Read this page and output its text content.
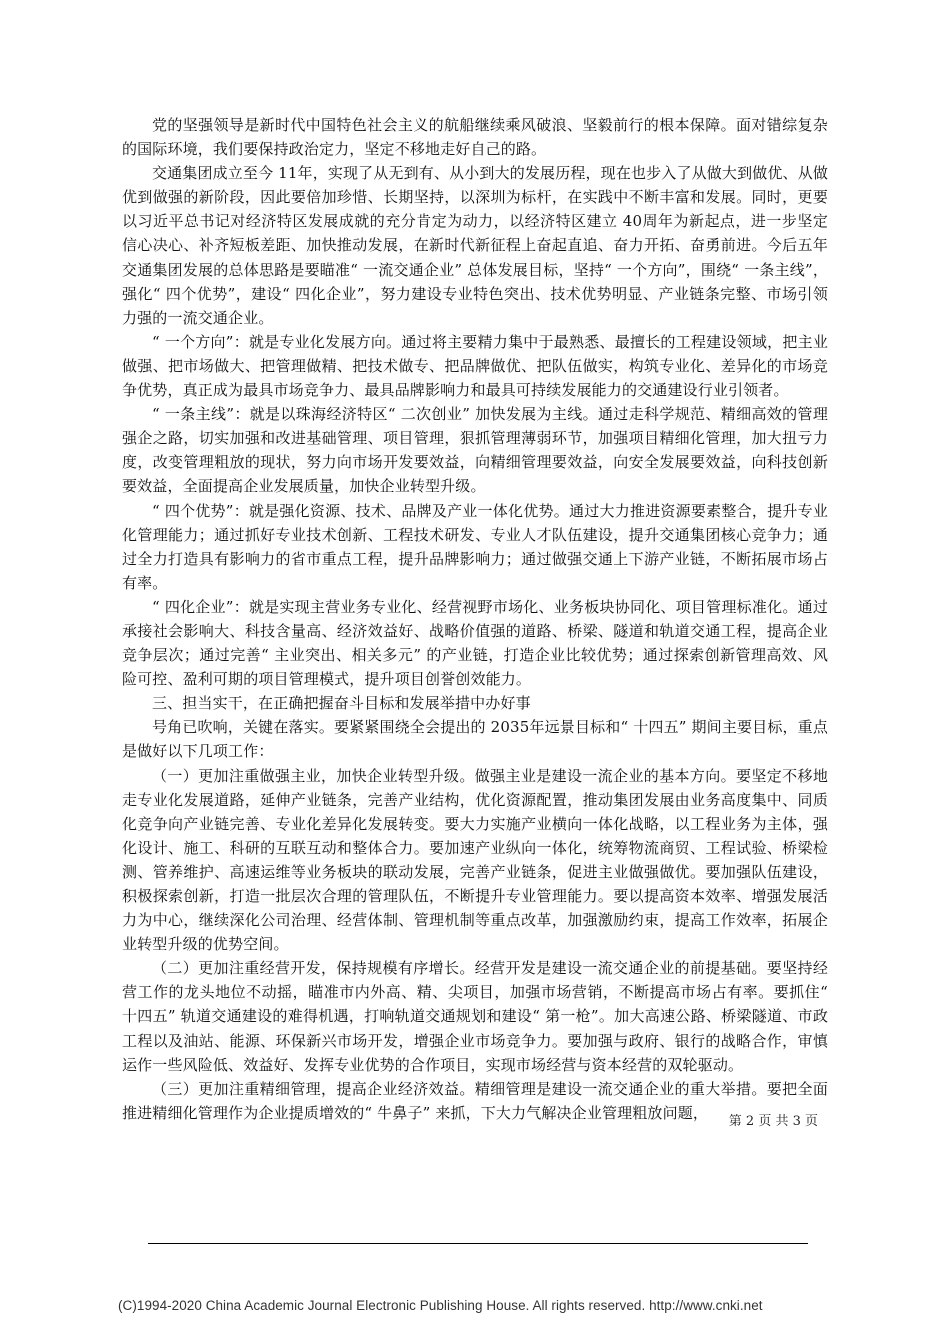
党的坚强领导是新时代中国特色社会主义的航船继续乘风破浪、坚毅前行的根本保障。面对错综复杂的国际环境，我们要保持政治定力，坚定不移地走好自己的路。

交通集团成立至今 11年，实现了从无到有、从小到大的发展历程，现在也步入了从做大到做优、从做优到做强的新阶段，因此要倍加珍惜、长期坚持，以深圳为标杆，在实践中不断丰富和发展。同时，更要以习近平总书记对经济特区发展成就的充分肯定为动力，以经济特区建立 40周年为新起点，进一步坚定信心决心、补齐短板差距、加快推动发展，在新时代新征程上奋起直追、奋力开拓、奋勇前进。今后五年交通集团发展的总体思路是要瞄准“ 一流交通企业” 总体发展目标，坚持“ 一个方向”，围绕“ 一条主线”，强化“ 四个优势”，建设“ 四化企业”，努力建设专业特色突出、技术优势明显、产业链条完整、市场引领力强的一流交通企业。

“ 一个方向”：就是专业化发展方向。通过将主要精力集中于最熟悉、最擅长的工程建设领域，把主业做强、把市场做大、把管理做精、把技术做专、把品牌做优、把队伍做实，构筑专业化、差异化的市场竞争优势，真正成为最具市场竞争力、最具品牌影响力和最具可持续发展能力的交通建设行业引领者。

“ 一条主线”：就是以珠海经济特区“ 二次创业” 加快发展为主线。通过走科学规范、精细高效的管理强企之路，切实加强和改进基础管理、项目管理，狠抓管理薄弱环节，加强项目精细化管理，加大扭亏力度，改变管理粗放的现状，努力向市场开发要效益，向精细管理要效益，向安全发展要效益，向科技创新要效益，全面提高企业发展质量，加快企业转型升级。

“ 四个优势”：就是强化资源、技术、品牌及产业一体化优势。通过大力推进资源要素整合，提升专业化管理能力；通过抓好专业技术创新、工程技术研发、专业人才队伍建设，提升交通集团核心竞争力；通过全力打造具有影响力的省市重点工程，提升品牌影响力；通过做强交通上下游产业链，不断拓展市场占有率。

“ 四化企业”：就是实现主营业务专业化、经营视野市场化、业务板块协同化、项目管理标准化。通过承接社会影响大、科技含量高、经济效益好、战略价值强的道路、桥梁、隧道和轨道交通工程，提高企业竞争层次；通过完善“ 主业突出、相关多元” 的产业链，打造企业比较优势；通过探索创新管理高效、风险可控、盈利可期的项目管理模式，提升项目创誉创效能力。

三、担当实干，在正确把握奋斗目标和发展举措中办好事

号角已吹响，关键在落实。要紧紧围绕全会提出的 2035年远景目标和“ 十四五” 期间主要目标，重点是做好以下几项工作：

（一）更加注重做强主业，加快企业转型升级。做强主业是建设一流企业的基本方向。要坚定不移地走专业化发展道路，延伸产业链条，完善产业结构，优化资源配置，推动集团发展由业务高度集中、同质化竞争向产业链完善、专业化差异化发展转变。要大力实施产业横向一体化战略，以工程业务为主体，强化设计、施工、科研的互联互动和整体合力。要加速产业纵向一体化，统筹物流商贸、工程试验、桥梁检测、管养维护、高速运维等业务板块的联动发展，完善产业链条，促进主业做强做优。要加强队伍建设，积极探索创新，打造一批层次合理的管理队伍，不断提升专业管理能力。要以提高资本效率、增强发展活力为中心，继续深化公司治理、经营体制、管理机制等重点改革，加强激励约束，提高工作效率，拓展企业转型升级的优势空间。

（二）更加注重经营开发，保持规模有序增长。经营开发是建设一流交通企业的前提基础。要坚持经营工作的龙头地位不动摇，瞄准市内外高、精、尖项目，加强市场营销，不断提高市场占有率。要抓住“ 十四五” 轨道交通建设的难得机遇，打响轨道交通规划和建设“ 第一枪”。加大高速公路、桥梁隧道、市政工程以及油站、能源、环保新兴市场开发，增强企业市场竞争力。要加强与政府、银行的战略合作，审慎运作一些风险低、效益好、发挥专业优势的合作项目，实现市场经营与资本经营的双轮驱动。

（三）更加注重精细管理，提高企业经济效益。精细管理是建设一流交通企业的重大举措。要把全面推进精细化管理作为企业提质增效的“ 牛鼻子” 来抓，下大力气解决企业管理粗放问题，	第 2 页 共 3 页
(C)1994-2020 China Academic Journal Electronic Publishing House. All rights reserved. http://www.cnki.net
